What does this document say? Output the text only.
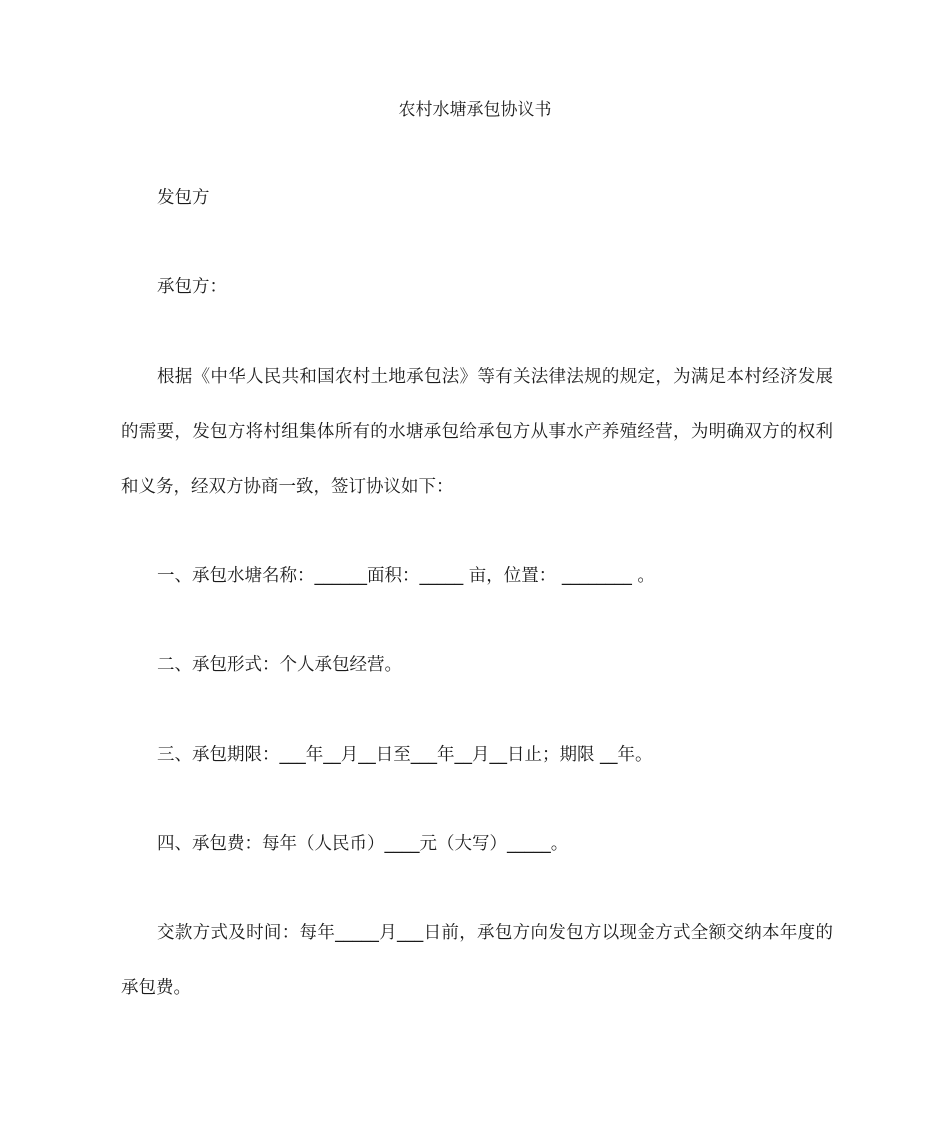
农村水塘承包协议书

发包方

承包方：

根据《中华人民共和国农村土地承包法》等有关法律法规的规定，为满足本村经济发展的需要，发包方将村组集体所有的水塘承包给承包方从事水产养殖经营，为明确双方的权利和义务，经双方协商一致，签订协议如下：

一、承包水塘名称：______面积：_____ 亩，位置： ________ 。

二、承包形式：个人承包经营。

三、承包期限：___年__月__日至___年__月__日止；期限 __年。

四、承包费：每年（人民币）____元（大写）_____。

交款方式及时间：每年_____月___日前，承包方向发包方以现金方式全额交纳本年度的承包费。
